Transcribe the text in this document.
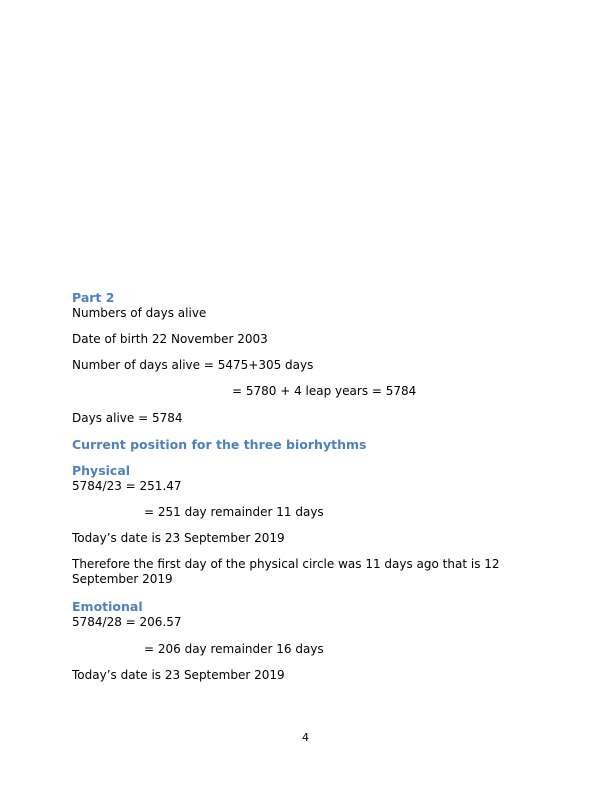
Part 2
Numbers of days alive
Date of birth 22 November 2003
Number of days alive = 5475+305 days
= 5780 + 4 leap years = 5784
Days alive = 5784
Current position for the three biorhythms
Physical
5784/23 = 251.47
= 251 day remainder 11 days
Today’s date is 23 September 2019
Therefore the first day of the physical circle was 11 days ago that is 12 September 2019
Emotional
5784/28 = 206.57
= 206 day remainder 16 days
Today’s date is 23 September 2019
4
